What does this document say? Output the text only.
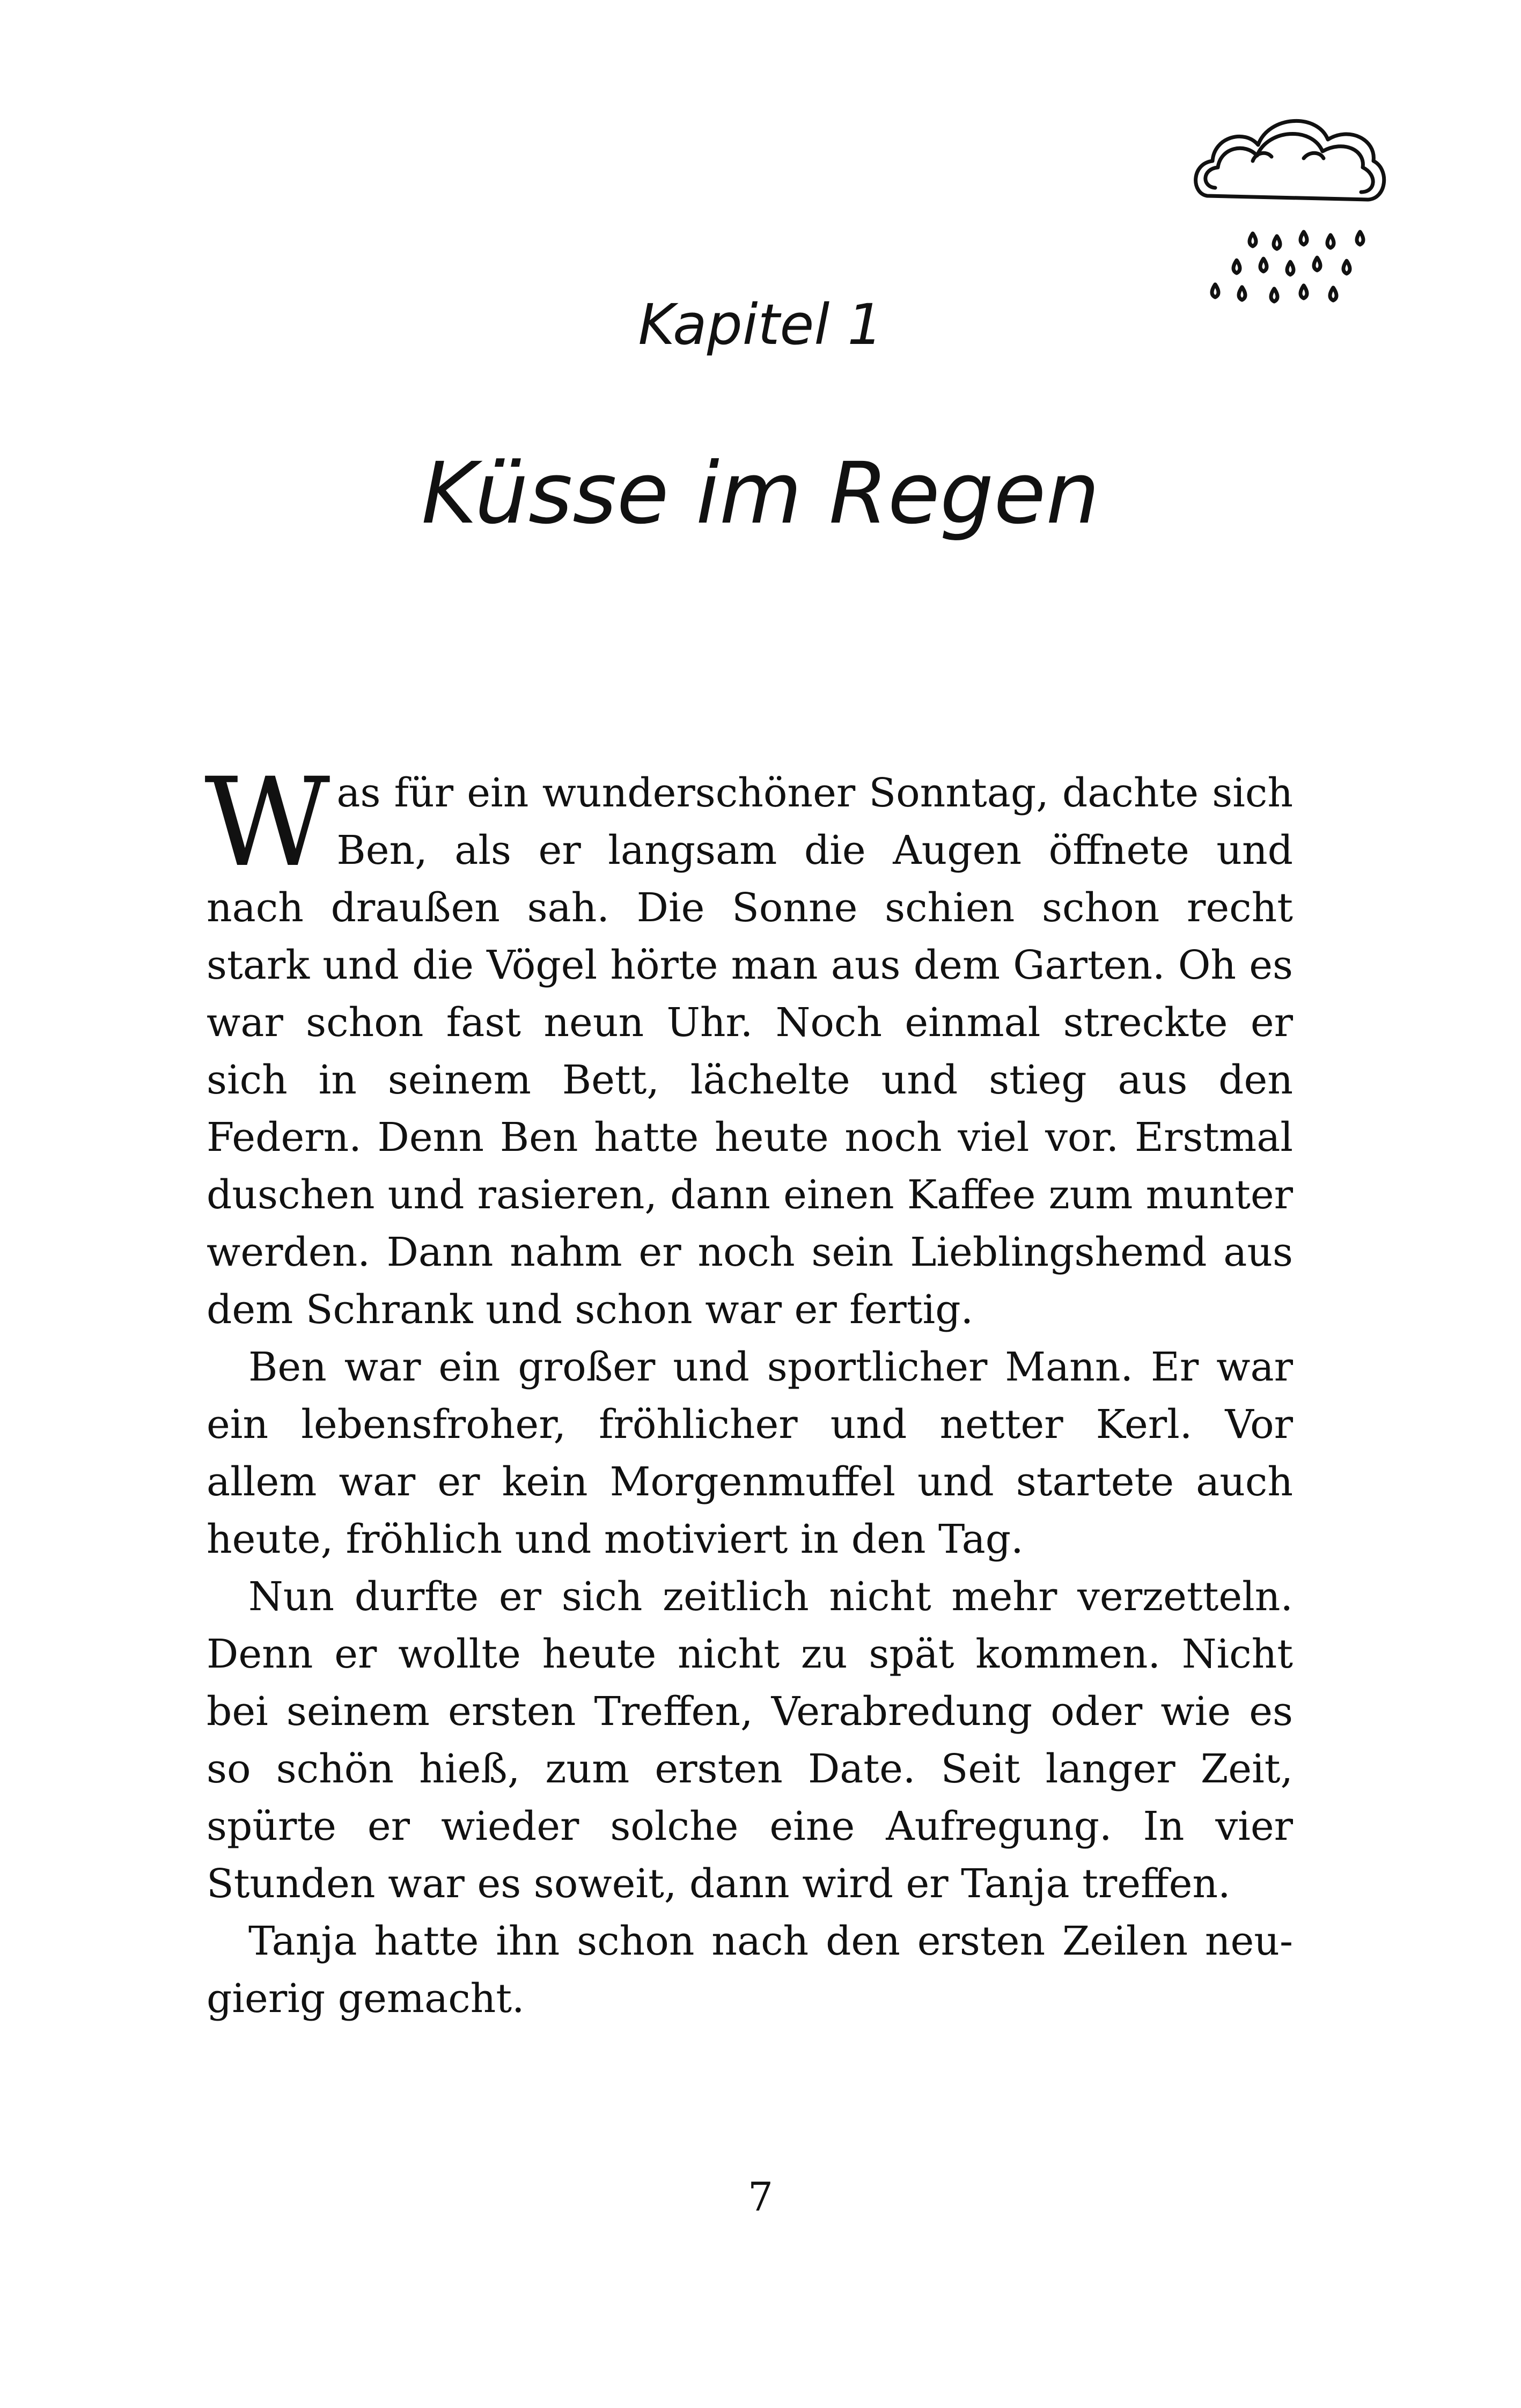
Kapitel 1
Küsse im Regen

Was für ein wunderschöner Sonntag, dachte sich Ben, als er langsam die Augen öffnete und nach draußen sah. Die Sonne schien schon recht stark und die Vögel hörte man aus dem Garten. Oh es war schon fast neun Uhr. Noch einmal streckte er sich in seinem Bett, lächelte und stieg aus den Federn. Denn Ben hatte heute noch viel vor. Erstmal duschen und rasieren, dann einen Kaffee zum munter werden. Dann nahm er noch sein Lieblingshemd aus dem Schrank und schon war er fertig.

Ben war ein großer und sportlicher Mann. Er war ein lebensfroher, fröhlicher und netter Kerl. Vor allem war er kein Morgenmuffel und startete auch heute, fröhlich und motiviert in den Tag.

Nun durfte er sich zeitlich nicht mehr verzetteln. Denn er wollte heute nicht zu spät kommen. Nicht bei seinem ersten Treffen, Verabredung oder wie es so schön hieß, zum ersten Date. Seit langer Zeit, spürte er wieder solche eine Aufregung. In vier Stunden war es soweit, dann wird er Tanja treffen.

Tanja hatte ihn schon nach den ersten Zeilen neugierig gemacht.

7
